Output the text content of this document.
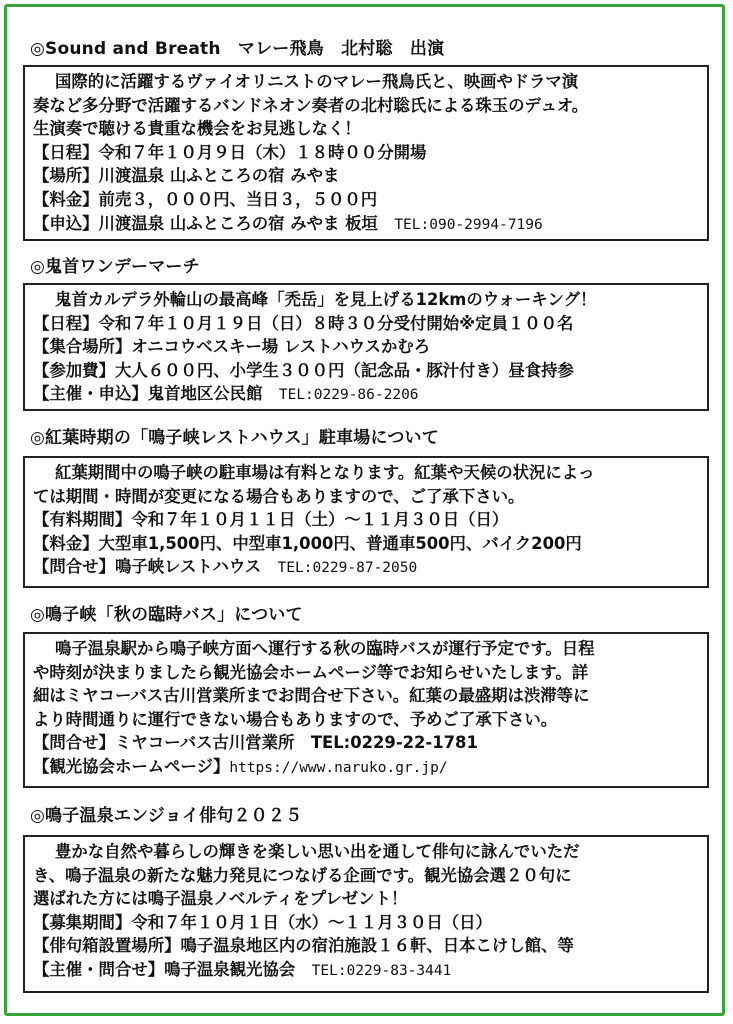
◎Sound and Breath　マレー飛鳥　北村聡　出演
国際的に活躍するヴァイオリニストのマレー飛鳥氏と、映画やドラマ演
奏など多分野で活躍するバンドネオン奏者の北村聡氏による珠玉のデュオ。
生演奏で聴ける貴重な機会をお見逃しなく！
【日程】令和７年１０月９日（木）１８時００分開場
【場所】川渡温泉 山ふところの宿 みやま
【料金】前売３，０００円、当日３，５００円
【申込】川渡温泉 山ふところの宿 みやま 板垣　TEL:090-2994-7196
◎鬼首ワンデーマーチ
鬼首カルデラ外輪山の最高峰「禿岳」を見上げる12kmのウォーキング！
【日程】令和７年１０月１９日（日）８時３０分受付開始※定員１００名
【集合場所】オニコウベスキー場 レストハウスかむろ
【参加費】大人６００円、小学生３００円（記念品・豚汁付き）昼食持参
【主催・申込】鬼首地区公民館　TEL:0229-86-2206
◎紅葉時期の「鳴子峡レストハウス」駐車場について
紅葉期間中の鳴子峡の駐車場は有料となります。紅葉や天候の状況によっ
ては期間・時間が変更になる場合もありますので、ご了承下さい。
【有料期間】令和７年１０月１１日（土）～１１月３０日（日）
【料金】大型車1,500円、中型車1,000円、普通車500円、バイク200円
【問合せ】鳴子峡レストハウス　TEL:0229-87-2050
◎鳴子峡「秋の臨時バス」について
鳴子温泉駅から鳴子峡方面へ運行する秋の臨時バスが運行予定です。日程
や時刻が決まりましたら観光協会ホームページ等でお知らせいたします。詳
細はミヤコーバス古川営業所までお問合せ下さい。紅葉の最盛期は渋滞等に
より時間通りに運行できない場合もありますので、予めご了承下さい。
【問合せ】ミヤコーバス古川営業所　TEL:0229-22-1781
【観光協会ホームページ】https://www.naruko.gr.jp/
◎鳴子温泉エンジョイ俳句２０２５
豊かな自然や暮らしの輝きを楽しい思い出を通して俳句に詠んでいただ
き、鳴子温泉の新たな魅力発見につなげる企画です。観光協会選２０句に
選ばれた方には鳴子温泉ノベルティをプレゼント！
【募集期間】令和７年１０月１日（水）～１１月３０日（日）
【俳句箱設置場所】鳴子温泉地区内の宿泊施設１６軒、日本こけし館、等
【主催・問合せ】鳴子温泉観光協会　TEL:0229-83-3441
